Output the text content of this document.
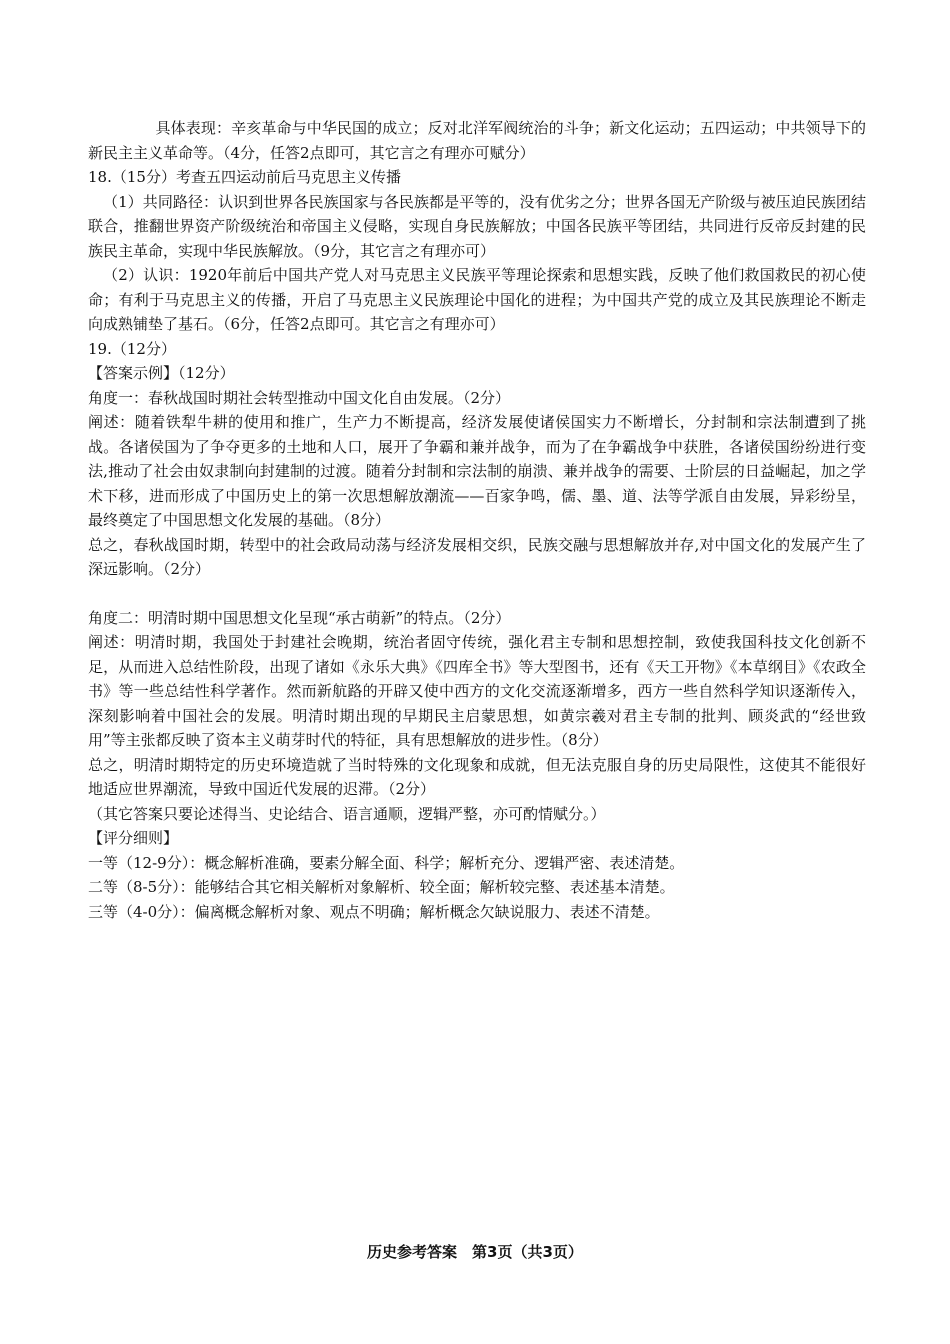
具体表现：辛亥革命与中华民国的成立；反对北洋军阀统治的斗争；新文化运动；五四运动；中共领导下的新民主主义革命等。（4分，任答2点即可，其它言之有理亦可赋分）
18.（15分）考查五四运动前后马克思主义传播
（1）共同路径：认识到世界各民族国家与各民族都是平等的，没有优劣之分；世界各国无产阶级与被压迫民族团结联合，推翻世界资产阶级统治和帝国主义侵略，实现自身民族解放；中国各民族平等团结，共同进行反帝反封建的民族民主革命，实现中华民族解放。（9分，其它言之有理亦可）
（2）认识：1920年前后中国共产党人对马克思主义民族平等理论探索和思想实践，反映了他们救国救民的初心使命；有利于马克思主义的传播，开启了马克思主义民族理论中国化的进程；为中国共产党的成立及其民族理论不断走向成熟铺垫了基石。（6分，任答2点即可。其它言之有理亦可）
19.（12分）
【答案示例】（12分）
角度一：春秋战国时期社会转型推动中国文化自由发展。（2分）
阐述：随着铁犁牛耕的使用和推广，生产力不断提高，经济发展使诸侯国实力不断增长，分封制和宗法制遭到了挑战。各诸侯国为了争夺更多的土地和人口，展开了争霸和兼并战争，而为了在争霸战争中获胜，各诸侯国纷纷进行变法,推动了社会由奴隶制向封建制的过渡。随着分封制和宗法制的崩溃、兼并战争的需要、士阶层的日益崛起，加之学术下移，进而形成了中国历史上的第一次思想解放潮流——百家争鸣，儒、墨、道、法等学派自由发展，异彩纷呈，最终奠定了中国思想文化发展的基础。（8分）
总之，春秋战国时期，转型中的社会政局动荡与经济发展相交织，民族交融与思想解放并存,对中国文化的发展产生了深远影响。（2分）
角度二：明清时期中国思想文化呈现“承古萌新”的特点。（2分）
阐述：明清时期，我国处于封建社会晚期，统治者固守传统，强化君主专制和思想控制，致使我国科技文化创新不足，从而进入总结性阶段，出现了诸如《永乐大典》《四库全书》等大型图书，还有《天工开物》《本草纲目》《农政全书》等一些总结性科学著作。然而新航路的开辟又使中西方的文化交流逐渐增多，西方一些自然科学知识逐渐传入，深刻影响着中国社会的发展。明清时期出现的早期民主启蒙思想，如黄宗羲对君主专制的批判、顾炎武的“经世致用”等主张都反映了资本主义萌芽时代的特征，具有思想解放的进步性。（8分）
总之，明清时期特定的历史环境造就了当时特殊的文化现象和成就，但无法克服自身的历史局限性，这使其不能很好地适应世界潮流，导致中国近代发展的迟滞。（2分）
（其它答案只要论述得当、史论结合、语言通顺，逻辑严整，亦可酌情赋分。）
【评分细则】
一等（12-9分）：概念解析准确，要素分解全面、科学；解析充分、逻辑严密、表述清楚。
二等（8-5分）：能够结合其它相关解析对象解析、较全面；解析较完整、表述基本清楚。
三等（4-0分）：偏离概念解析对象、观点不明确；解析概念欠缺说服力、表述不清楚。
历史参考答案　第3页（共3页）
